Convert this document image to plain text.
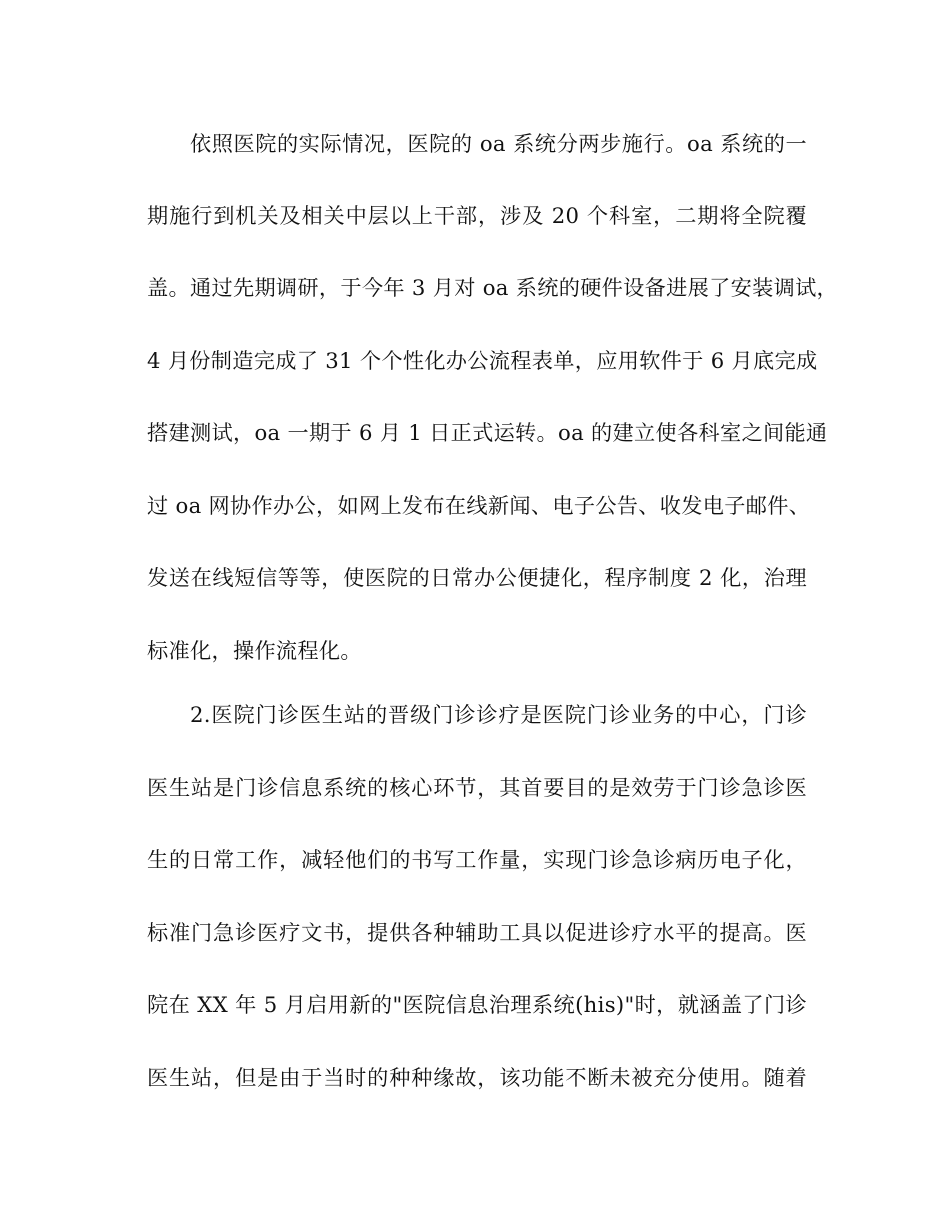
依照医院的实际情况，医院的 oa 系统分两步施行。oa 系统的一
期施行到机关及相关中层以上干部，涉及 20 个科室，二期将全院覆
盖。通过先期调研，于今年 3 月对 oa 系统的硬件设备进展了安装调试，
4 月份制造完成了 31 个个性化办公流程表单，应用软件于 6 月底完成
搭建测试，oa 一期于 6 月 1 日正式运转。oa 的建立使各科室之间能通
过 oa 网协作办公，如网上发布在线新闻、电子公告、收发电子邮件、
发送在线短信等等，使医院的日常办公便捷化，程序制度 2 化，治理
标准化，操作流程化。
2.医院门诊医生站的晋级门诊诊疗是医院门诊业务的中心，门诊
医生站是门诊信息系统的核心环节，其首要目的是效劳于门诊急诊医
生的日常工作，减轻他们的书写工作量，实现门诊急诊病历电子化，
标准门急诊医疗文书，提供各种辅助工具以促进诊疗水平的提高。医
院在 XX 年 5 月启用新的"医院信息治理系统(his)"时，就涵盖了门诊
医生站，但是由于当时的种种缘故，该功能不断未被充分使用。随着
